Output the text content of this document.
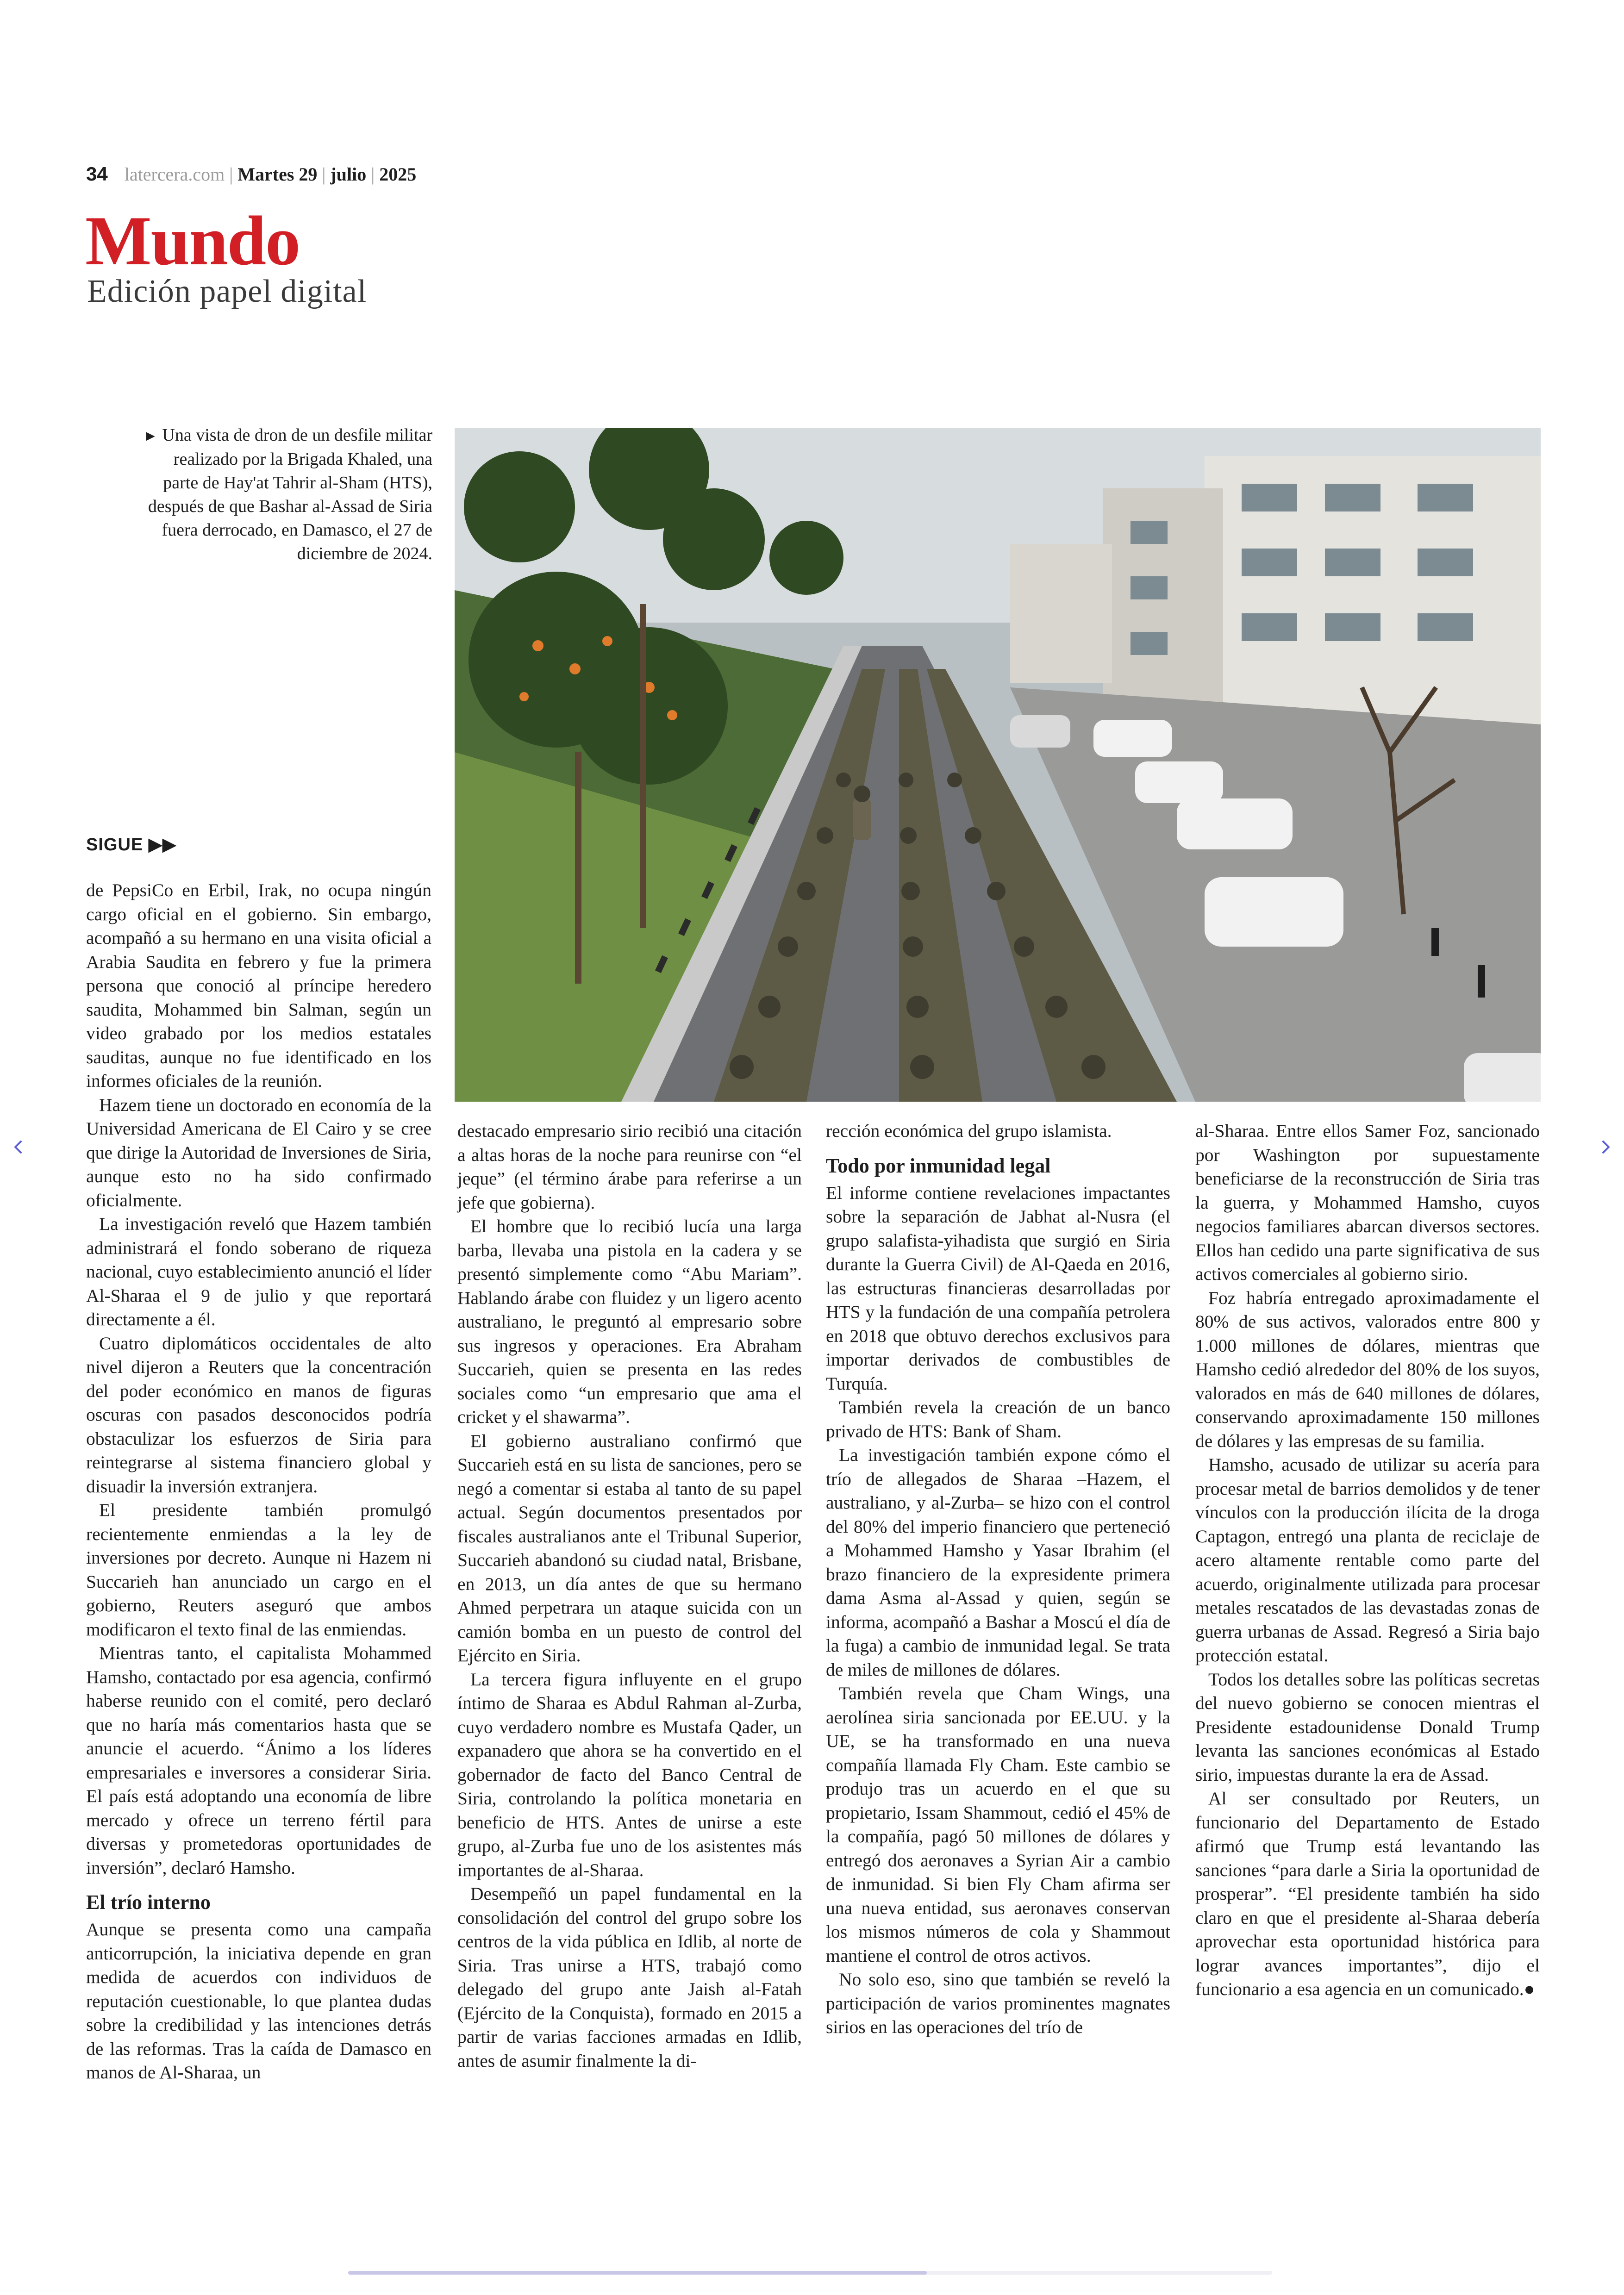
34 latercera.com | Martes 29 | julio | 2025
Mundo
Edición papel digital
► Una vista de dron de un desfile militar realizado por la Brigada Khaled, una parte de Hay'at Tahrir al-Sham (HTS), después de que Bashar al-Assad de Siria fuera derrocado, en Damasco, el 27 de diciembre de 2024.
SIGUE ▶▶

de PepsiCo en Erbil, Irak, no ocupa ningún cargo oficial en el gobierno. Sin embargo, acompañó a su hermano en una visita oficial a Arabia Saudita en febrero y fue la primera persona que conoció al príncipe heredero saudita, Mohammed bin Salman, según un video grabado por los medios estatales sauditas, aunque no fue identificado en los informes oficiales de la reunión.

Hazem tiene un doctorado en economía de la Universidad Americana de El Cairo y se cree que dirige la Autoridad de Inversiones de Siria, aunque esto no ha sido confirmado oficialmente.

La investigación reveló que Hazem también administrará el fondo soberano de riqueza nacional, cuyo establecimiento anunció el líder Al-Sharaa el 9 de julio y que reportará directamente a él.

Cuatro diplomáticos occidentales de alto nivel dijeron a Reuters que la concentración del poder económico en manos de figuras oscuras con pasados desconocidos podría obstaculizar los esfuerzos de Siria para reintegrarse al sistema financiero global y disuadir la inversión extranjera.

El presidente también promulgó recientemente enmiendas a la ley de inversiones por decreto. Aunque ni Hazem ni Succarieh han anunciado un cargo en el gobierno, Reuters aseguró que ambos modificaron el texto final de las enmiendas.

Mientras tanto, el capitalista Mohammed Hamsho, contactado por esa agencia, confirmó haberse reunido con el comité, pero declaró que no haría más comentarios hasta que se anuncie el acuerdo. “Ánimo a los líderes empresariales e inversores a considerar Siria. El país está adoptando una economía de libre mercado y ofrece un terreno fértil para diversas y prometedoras oportunidades de inversión”, declaró Hamsho.

El trío interno

Aunque se presenta como una campaña anticorrupción, la iniciativa depende en gran medida de acuerdos con individuos de reputación cuestionable, lo que plantea dudas sobre la credibilidad y las intenciones detrás de las reformas. Tras la caída de Damasco en manos de Al-Sharaa, un

destacado empresario sirio recibió una citación a altas horas de la noche para reunirse con “el jeque” (el término árabe para referirse a un jefe que gobierna).

El hombre que lo recibió lucía una larga barba, llevaba una pistola en la cadera y se presentó simplemente como “Abu Mariam”. Hablando árabe con fluidez y un ligero acento australiano, le preguntó al empresario sobre sus ingresos y operaciones. Era Abraham Succarieh, quien se presenta en las redes sociales como “un empresario que ama el cricket y el shawarma”.

El gobierno australiano confirmó que Succarieh está en su lista de sanciones, pero se negó a comentar si estaba al tanto de su papel actual. Según documentos presentados por fiscales australianos ante el Tribunal Superior, Succarieh abandonó su ciudad natal, Brisbane, en 2013, un día antes de que su hermano Ahmed perpetrara un ataque suicida con un camión bomba en un puesto de control del Ejército en Siria.

La tercera figura influyente en el grupo íntimo de Sharaa es Abdul Rahman al-Zurba, cuyo verdadero nombre es Mustafa Qader, un expanadero que ahora se ha convertido en el gobernador de facto del Banco Central de Siria, controlando la política monetaria en beneficio de HTS. Antes de unirse a este grupo, al-Zurba fue uno de los asistentes más importantes de al-Sharaa.

Desempeñó un papel fundamental en la consolidación del control del grupo sobre los centros de la vida pública en Idlib, al norte de Siria. Tras unirse a HTS, trabajó como delegado del grupo ante Jaish al-Fatah (Ejército de la Conquista), formado en 2015 a partir de varias facciones armadas en Idlib, antes de asumir finalmente la di-

rección económica del grupo islamista.

Todo por inmunidad legal

El informe contiene revelaciones impactantes sobre la separación de Jabhat al-Nusra (el grupo salafista-yihadista que surgió en Siria durante la Guerra Civil) de Al-Qaeda en 2016, las estructuras financieras desarrolladas por HTS y la fundación de una compañía petrolera en 2018 que obtuvo derechos exclusivos para importar derivados de combustibles de Turquía.

También revela la creación de un banco privado de HTS: Bank of Sham.

La investigación también expone cómo el trío de allegados de Sharaa –Hazem, el australiano, y al-Zurba– se hizo con el control del 80% del imperio financiero que perteneció a Mohammed Hamsho y Yasar Ibrahim (el brazo financiero de la expresidente primera dama Asma al-Assad y quien, según se informa, acompañó a Bashar a Moscú el día de la fuga) a cambio de inmunidad legal. Se trata de miles de millones de dólares.

También revela que Cham Wings, una aerolínea siria sancionada por EE.UU. y la UE, se ha transformado en una nueva compañía llamada Fly Cham. Este cambio se produjo tras un acuerdo en el que su propietario, Issam Shammout, cedió el 45% de la compañía, pagó 50 millones de dólares y entregó dos aeronaves a Syrian Air a cambio de inmunidad. Si bien Fly Cham afirma ser una nueva entidad, sus aeronaves conservan los mismos números de cola y Shammout mantiene el control de otros activos.

No solo eso, sino que también se reveló la participación de varios prominentes magnates sirios en las operaciones del trío de

al-Sharaa. Entre ellos Samer Foz, sancionado por Washington por supuestamente beneficiarse de la reconstrucción de Siria tras la guerra, y Mohammed Hamsho, cuyos negocios familiares abarcan diversos sectores. Ellos han cedido una parte significativa de sus activos comerciales al gobierno sirio.

Foz habría entregado aproximadamente el 80% de sus activos, valorados entre 800 y 1.000 millones de dólares, mientras que Hamsho cedió alrededor del 80% de los suyos, valorados en más de 640 millones de dólares, conservando aproximadamente 150 millones de dólares y las empresas de su familia.

Hamsho, acusado de utilizar su acería para procesar metal de barrios demolidos y de tener vínculos con la producción ilícita de la droga Captagon, entregó una planta de reciclaje de acero altamente rentable como parte del acuerdo, originalmente utilizada para procesar metales rescatados de las devastadas zonas de guerra urbanas de Assad. Regresó a Siria bajo protección estatal.

Todos los detalles sobre las políticas secretas del nuevo gobierno se conocen mientras el Presidente estadounidense Donald Trump levanta las sanciones económicas al Estado sirio, impuestas durante la era de Assad.

Al ser consultado por Reuters, un funcionario del Departamento de Estado afirmó que Trump está levantando las sanciones “para darle a Siria la oportunidad de prosperar”. “El presidente también ha sido claro en que el presidente al-Sharaa debería aprovechar esta oportunidad histórica para lograr avances importantes”, dijo el funcionario a esa agencia en un comunicado.●
